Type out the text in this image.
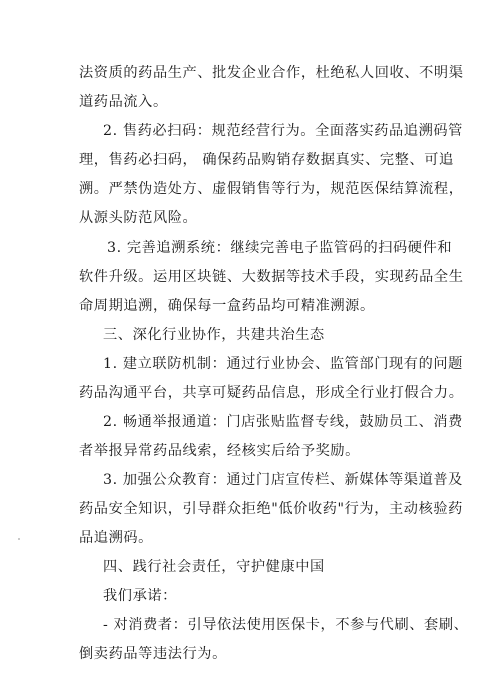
法资质的药品生产、批发企业合作，杜绝私人回收、不明渠
道药品流入。
2. 售药必扫码：规范经营行为。全面落实药品追溯码管
理，售药必扫码， 确保药品购销存数据真实、完整、可追
溯。严禁伪造处方、虚假销售等行为，规范医保结算流程，
从源头防范风险。
3. 完善追溯系统：继续完善电子监管码的扫码硬件和
软件升级。运用区块链、大数据等技术手段，实现药品全生
命周期追溯，确保每一盒药品均可精准溯源。
三、深化行业协作，共建共治生态
1. 建立联防机制：通过行业协会、监管部门现有的问题
药品沟通平台，共享可疑药品信息，形成全行业打假合力。
2. 畅通举报通道：门店张贴监督专线，鼓励员工、消费
者举报异常药品线索，经核实后给予奖励。
3. 加强公众教育：通过门店宣传栏、新媒体等渠道普及
药品安全知识，引导群众拒绝"低价收药"行为，主动核验药
品追溯码。
四、践行社会责任，守护健康中国
我们承诺：
- 对消费者：引导依法使用医保卡，不参与代刷、套刷、
倒卖药品等违法行为。
